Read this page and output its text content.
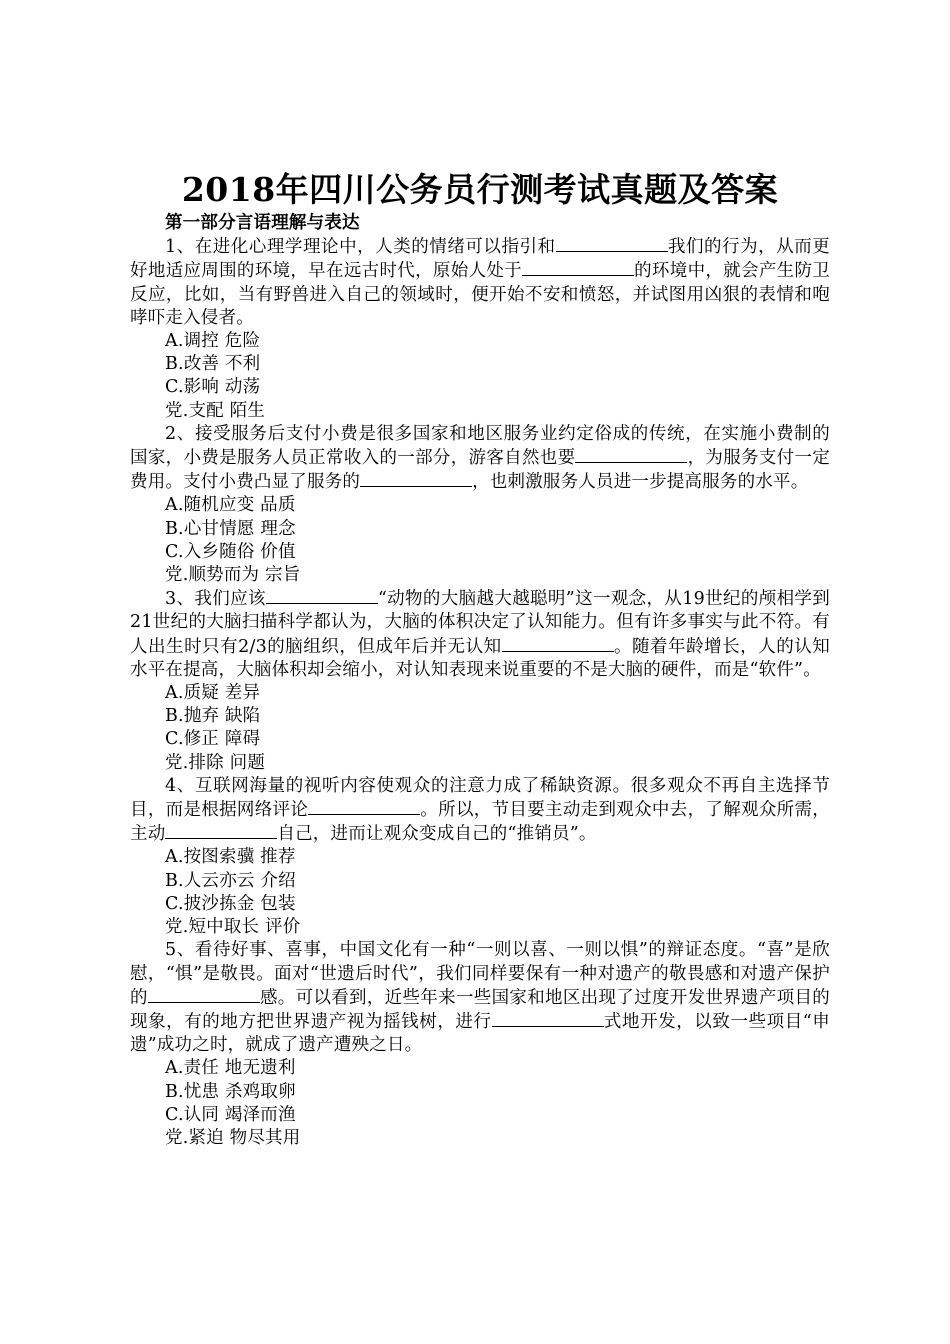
2018年四川公务员行测考试真题及答案
第一部分言语理解与表达

1、在进化心理学理论中，人类的情绪可以指引和	我们的行为，从而更好地适应周围的环境，早在远古时代，原始人处于	的环境中，就会产生防卫反应，比如，当有野兽进入自己的领域时，便开始不安和愤怒，并试图用凶狠的表情和咆哮吓走入侵者。

A.调控 危险

B.改善 不利

C.影响 动荡

党.支配 陌生

2、接受服务后支付小费是很多国家和地区服务业约定俗成的传统，在实施小费制的国家，小费是服务人员正常收入的一部分，游客自然也要	，为服务支付一定费用。支付小费凸显了服务的	，也刺激服务人员进一步提高服务的水平。

A.随机应变 品质

B.心甘情愿 理念

C.入乡随俗 价值

党.顺势而为 宗旨

3、我们应该	“动物的大脑越大越聪明”这一观念，从19世纪的颅相学到21世纪的大脑扫描科学都认为，大脑的体积决定了认知能力。但有许多事实与此不符。有人出生时只有2/3的脑组织，但成年后并无认知	。随着年龄增长，人的认知水平在提高，大脑体积却会缩小，对认知表现来说重要的不是大脑的硬件，而是“软件”。

A.质疑 差异

B.抛弃 缺陷

C.修正 障碍

党.排除 问题

4、互联网海量的视听内容使观众的注意力成了稀缺资源。很多观众不再自主选择节目，而是根据网络评论	。所以，节目要主动走到观众中去，了解观众所需，主动	自己，进而让观众变成自己的“推销员”。

A.按图索骥 推荐

B.人云亦云 介绍

C.披沙拣金 包装

党.短中取长 评价

5、看待好事、喜事，中国文化有一种“一则以喜、一则以惧”的辩证态度。“喜”是欣慰，“惧”是敬畏。面对“世遗后时代”，我们同样要保有一种对遗产的敬畏感和对遗产保护的	感。可以看到，近些年来一些国家和地区出现了过度开发世界遗产项目的现象，有的地方把世界遗产视为摇钱树，进行	式地开发，以致一些项目“申遗”成功之时，就成了遗产遭殃之日。

A.责任 地无遗利

B.忧患 杀鸡取卵

C.认同 竭泽而渔

党.紧迫 物尽其用
